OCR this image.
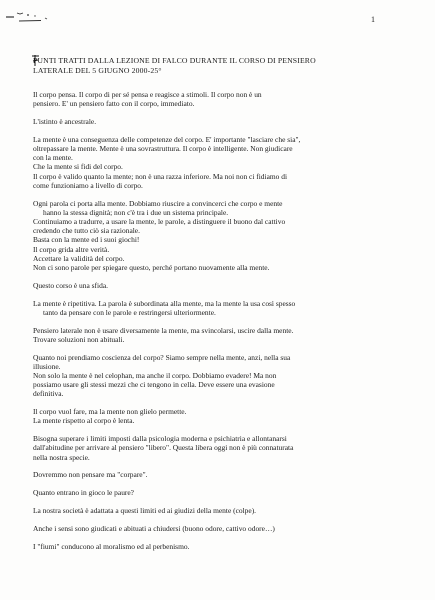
1
PUNTI TRATTI DALLA LEZIONE DI FALCO DURANTE IL CORSO DI PENSIERO
LATERALE DEL 5 GIUGNO 2000-25°
Il corpo pensa. Il corpo di per sé pensa e reagisce a stimoli. Il corpo non è un
pensiero. E' un pensiero fatto con il corpo, immediato.
L'istinto è ancestrale.
La mente è una conseguenza delle competenze del corpo. E' importante "lasciare che sia",
oltrepassare la mente. Mente è una sovrastruttura. Il corpo è intelligente. Non giudicare
con la mente.
Che la mente si fidi del corpo.
Il corpo è valido quanto la mente; non è una razza inferiore. Ma noi non ci fidiamo di
come funzioniamo a livello di corpo.
Ogni parola ci porta alla mente. Dobbiamo riuscire a convincerci che corpo e mente
hanno la stessa dignità; non c'è tra i due un sistema principale.
Continuiamo a tradurre, a usare la mente, le parole, a distinguere il buono dal cattivo
credendo che tutto ciò sia razionale.
Basta con la mente ed i suoi giochi!
Il corpo grida altre verità.
Accettare la validità del corpo.
Non ci sono parole per spiegare questo, perché portano nuovamente alla mente.
Questo corso è una sfida.
La mente è ripetitiva. La parola è subordinata alla mente, ma la mente la usa così spesso
tanto da pensare con le parole e restringersi ulteriormente.
Pensiero laterale non è usare diversamente la mente, ma svincolarsi, uscire dalla mente.
Trovare soluzioni non abituali.
Quanto noi prendiamo coscienza del corpo? Siamo sempre nella mente, anzi, nella sua
illusione.
Non solo la mente è nel celophan, ma anche il corpo. Dobbiamo evadere! Ma non
possiamo usare gli stessi mezzi che ci tengono in cella. Deve essere una evasione
definitiva.
Il corpo vuol fare, ma la mente non glielo permette.
La mente rispetto al corpo è lenta.
Bisogna superare i limiti imposti dalla psicologia moderna e psichiatria e allontanarsi
dall'abitudine per arrivare al pensiero "libero". Questa libera oggi non è più connaturata
nella nostra specie.
Dovremmo non pensare ma "corpare".
Quanto entrano in gioco le paure?
La nostra società è adattata a questi limiti ed ai giudizi della mente (colpe).
Anche i sensi sono giudicati e abituati a chiudersi (buono odore, cattivo odore…)
I "fiumi" conducono al moralismo ed al perbenismo.
